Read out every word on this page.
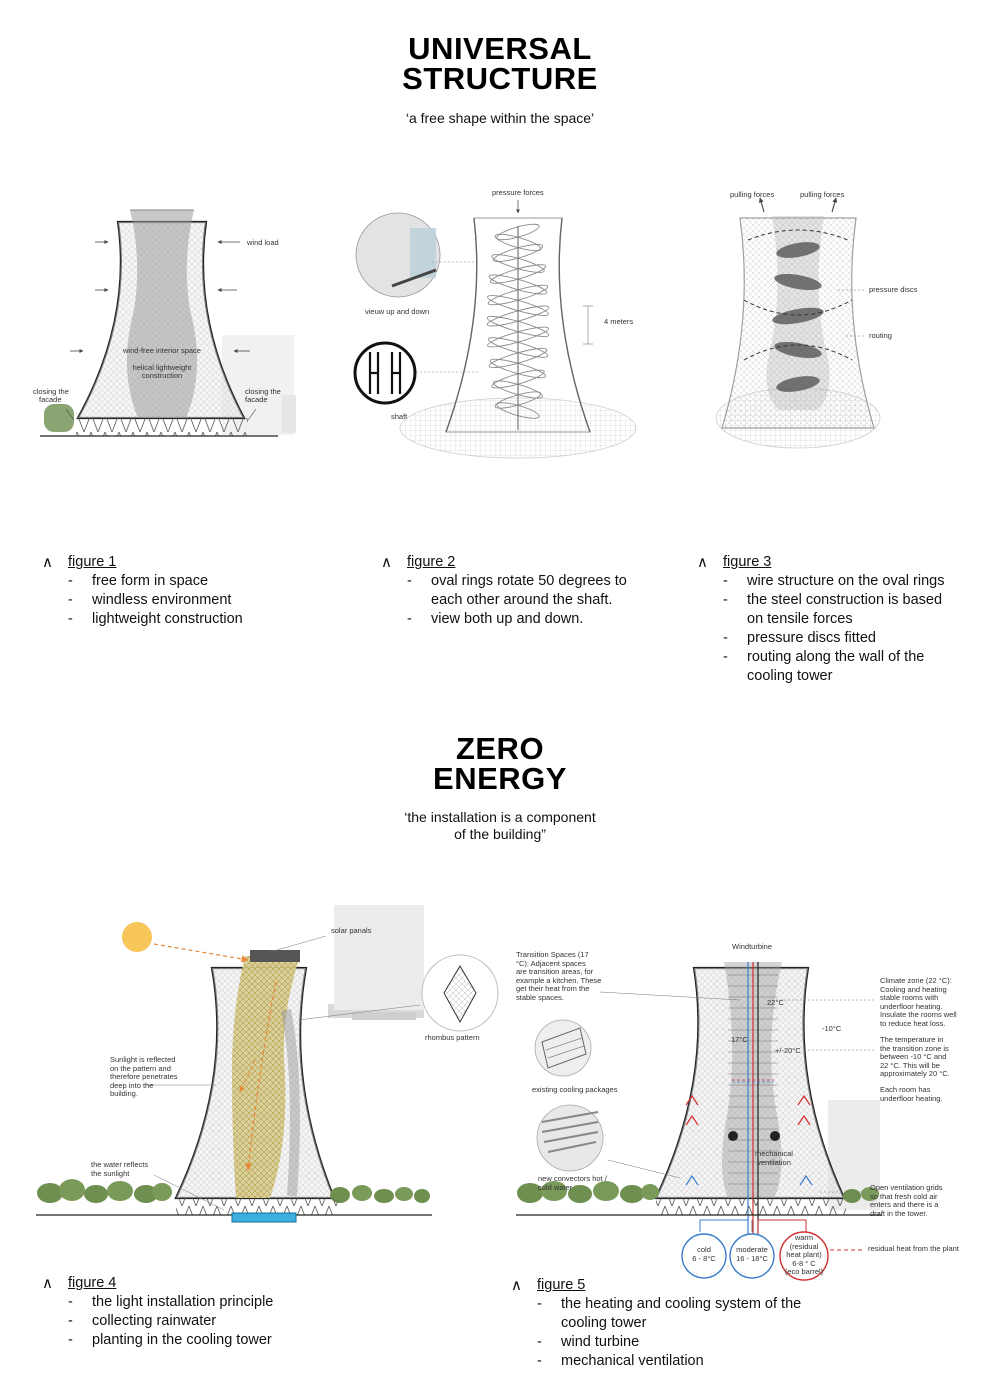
UNIVERSAL
STRUCTURE
‘a free shape within the space’
wind load
wind-free interior space
helical lightweight
construction
closing the
facade
closing the
facade
pressure forces
vieuw up and down
4 meters
shaft
pulling forces	pulling forces
pressure discs
routing
∧	figure 1
- free form in space
- windless environment
- lightweight construction
∧	figure 2
- oval rings rotate 50 degrees to
each other around the shaft.
- view both up and down.
∧	figure 3
- wire structure on the oval rings
- the steel construction is based
on tensile forces
- pressure discs fitted
- routing along the wall of the
cooling tower
ZERO
ENERGY
‘the installation is a component
of the building”
solar panals
rhombus pattern
Sunlight is reflected
on the pattern and
therefore penetrates
deep into the
building.
the water reflects
the sunlight
Windturbine
Transition Spaces (17
°C): Adjacent spaces
are transition areas, for
example a kitchen. These
get their heat from the
stable spaces.
existing cooling packages
new convectors hot /
cold water
Climate zone (22 °C):
Cooling and heating
stable rooms with
underfloor heating.
Insulate the rooms well
to reduce heat loss.
The temperature in
the transition zone is
between -10 °C and
22 °C. This will be
approximately 20 °C.
Each room has
underfloor heating.
Open ventilation grids
so that fresh cold air
enters and there is a
draft in the tower.
22°C
17°C
-10°C
+/-20°C
mechanical
ventilation
cold
6 - 8°C
moderate
16 - 18°C
warm
(residual
heat plant)
6-8 ° C
(eco barrel)
residual heat from the plant
∧	figure 4
- the light installation principle
- collecting rainwater
- planting in the cooling tower
∧	figure 5
- the heating and cooling system of the
cooling tower
- wind turbine
- mechanical ventilation
